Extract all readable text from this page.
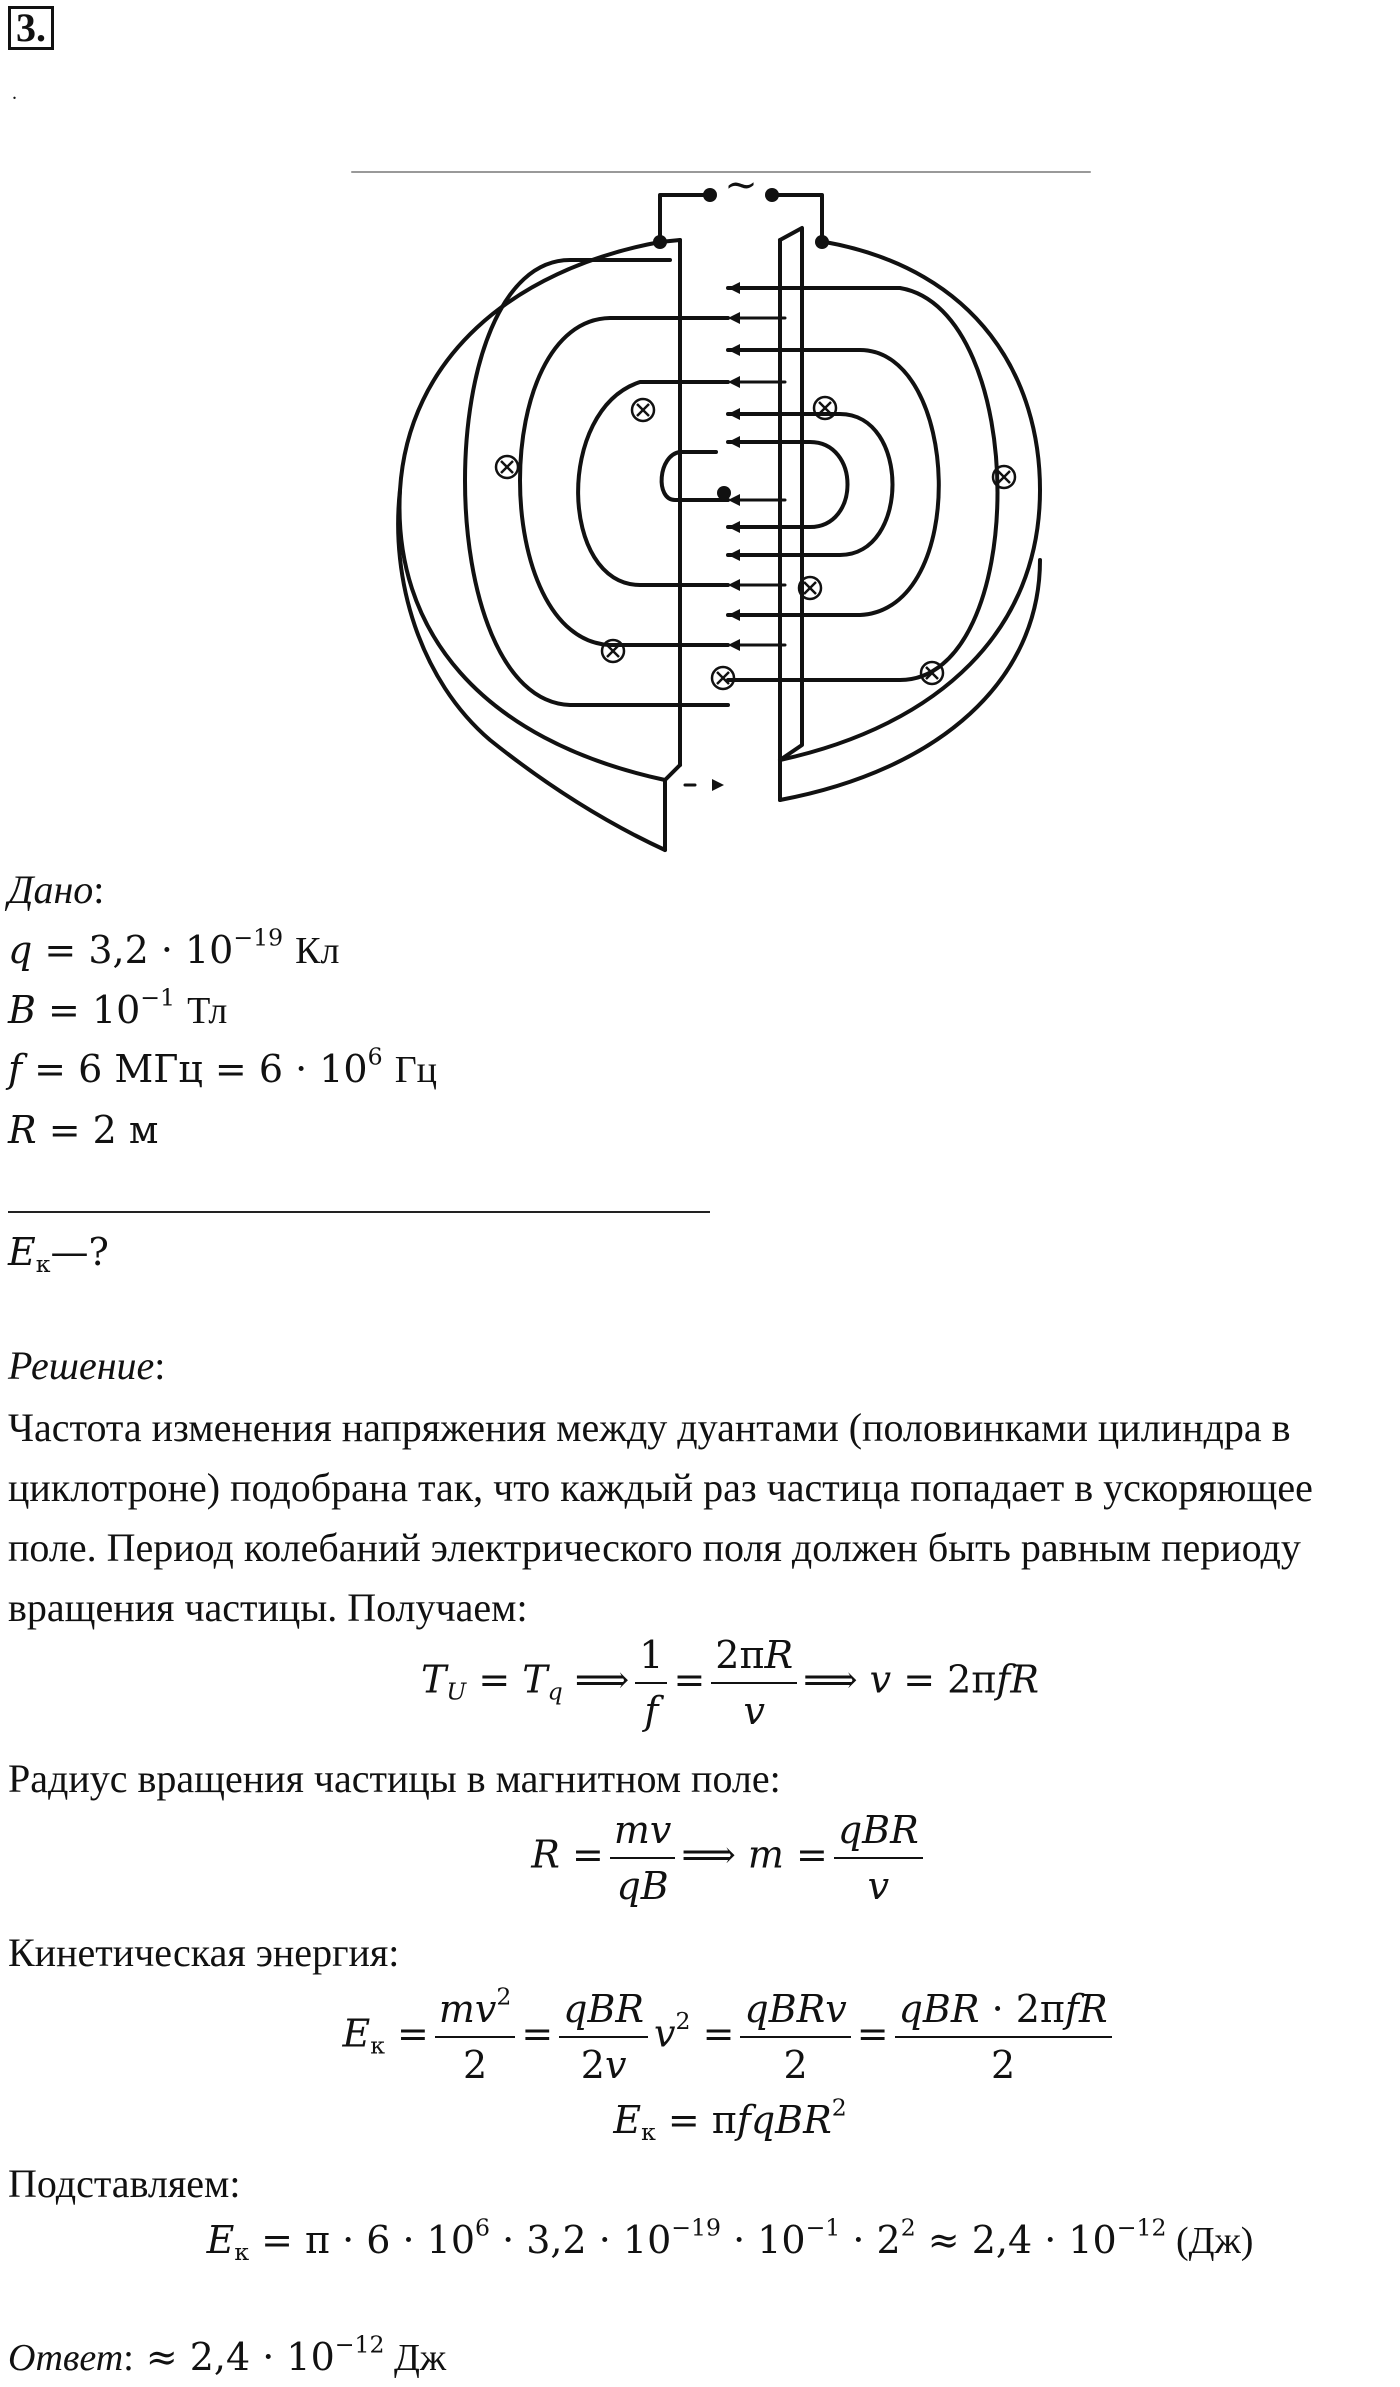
3.
.
~
Дано:
$q = 3,2 \cdot 10^{-19}$ Кл
$B = 10^{-1}$ Тл
f = 6 МГц = $6 \cdot 10^6$ Гц
R = 2 м
$E_к—$?
Решение:
Частота изменения напряжения между дуантами (половинками цилиндра в
циклотроне) подобрана так, что каждый раз частица попадает в ускоряющее
поле. Период колебаний электрического поля должен быть равным периоду
вращения частицы. Получаем:
$T_U = T_q$ ⟹ $\frac{1}{f} = \frac{2\pi R}{v}$ ⟹ v = 2πfR
Радиус вращения частицы в магнитном поле:
$R = \frac{mv}{qB}$ ⟹ $m = \frac{\text{qBR}}{v}$
Кинетическая энергия:
$E_к = \frac{mv^2}{2} = \frac{\text{qBR}}{2v} v^2 = \frac{\text{qBRv}}{2} = \frac{\text{qBR · 2πfR}}{2}$
$E_к$ = πfqBR$^2$
Подставляем:
$E_к = \pi \cdot 6 \cdot 10^6 \cdot 3,2 \cdot 10^{-19} \cdot 10^{-1} \cdot 2^2 \approx 2,4 \cdot 10^{-12}$ (Дж)
Ответ: ≈ $2,4 \cdot 10^{-12}$ Дж
